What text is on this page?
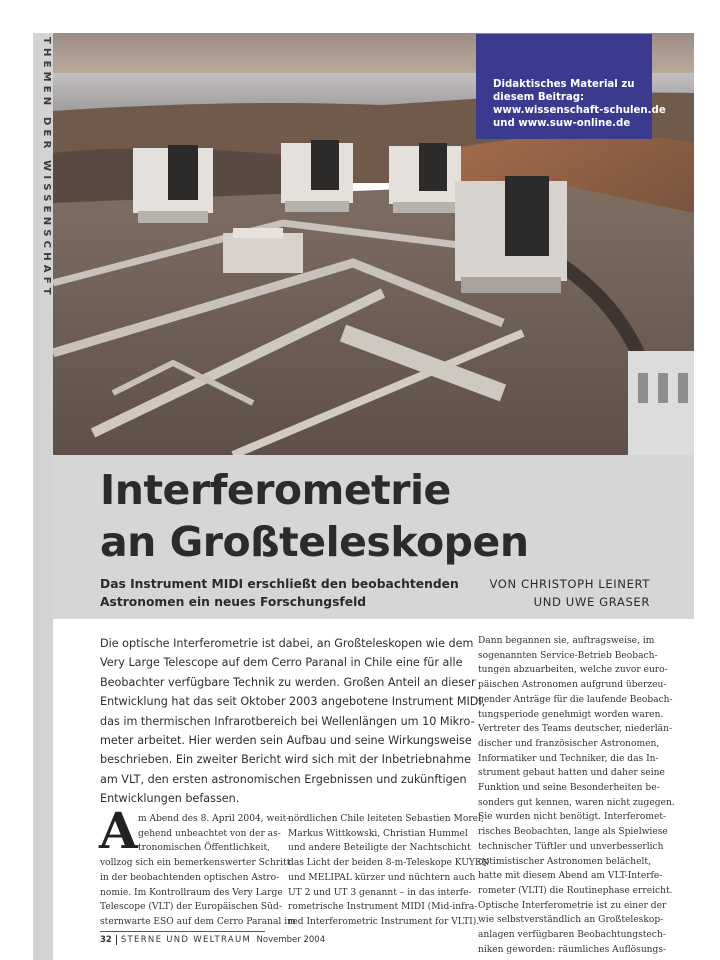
THEMEN DER WISSENSCHAFT	Didaktisches Material zu
diesem Beitrag:
www.wissenschaft-schulen.de
und www.suw-online.de
Interferometrie
an Großteleskopen
Das Instrument MIDI erschließt den beobachtenden
Astronomen ein neues Forschungsfeld
VON CHRISTOPH LEINERT
UND UWE GRASER
Die optische Interferometrie ist dabei, an Großteleskopen wie dem
Very Large Telescope auf dem Cerro Paranal in Chile eine für alle
Beobachter verfügbare Technik zu werden. Großen Anteil an dieser
Entwicklung hat das seit Oktober 2003 angebotene Instrument MIDI,
das im thermischen Infrarotbereich bei Wellenlängen um 10 Mikro-
meter arbeitet. Hier werden sein Aufbau und seine Wirkungsweise
beschrieben. Ein zweiter Bericht wird sich mit der Inbetriebnahme
am VLT, den ersten astronomischen Ergebnissen und zukünftigen
Entwicklungen befassen.
A m Abend des 8. April 2004, weit-
gehend unbeachtet von der as-
tronomischen Öffentlichkeit,
vollzog sich ein bemerkenswerter Schritt
in der beobachtenden optischen Astro-
nomie. Im Kontrollraum des Very Large
Telescope (VLT) der Europäischen Süd-
sternwarte ESO auf dem Cerro Paranal im
nördlichen Chile leiteten Sebastien Morel,
Markus Wittkowski, Christian Hummel
und andere Beteiligte der Nachtschicht
das Licht der beiden 8-m-Teleskope KUYEN
und MELIPAL kürzer und nüchtern auch
UT 2 und UT 3 genannt – in das interfe-
rometrische Instrument MIDI (Mid-infra-
red Interferometric Instrument for VLTI).
Dann begannen sie, auftragsweise, im
sogenannten Service-Betrieb Beobach-
tungen abzuarbeiten, welche zuvor euro-
päischen Astronomen aufgrund überzeu-
gender Anträge für die laufende Beobach-
tungsperiode genehmigt worden waren.
Vertreter des Teams deutscher, niederlän-
discher und französischer Astronomen,
Informatiker und Techniker, die das In-
strument gebaut hatten und daher seine
Funktion und seine Besonderheiten be-
sonders gut kennen, waren nicht zugegen.
Sie wurden nicht benötigt. Interferomet-
risches Beobachten, lange als Spielwiese
technischer Tüftler und unverbesserlich
optimistischer Astronomen belächelt,
hatte mit diesem Abend am VLT-Interfe-
rometer (VLTI) die Routinephase erreicht.
Optische Interferometrie ist zu einer der
wie selbstverständlich an Großteleskop-
anlagen verfügbaren Beobachtungstech-
niken geworden: räumliches Auflösungs-
32 STERNE UND WELTRAUM November 2004
